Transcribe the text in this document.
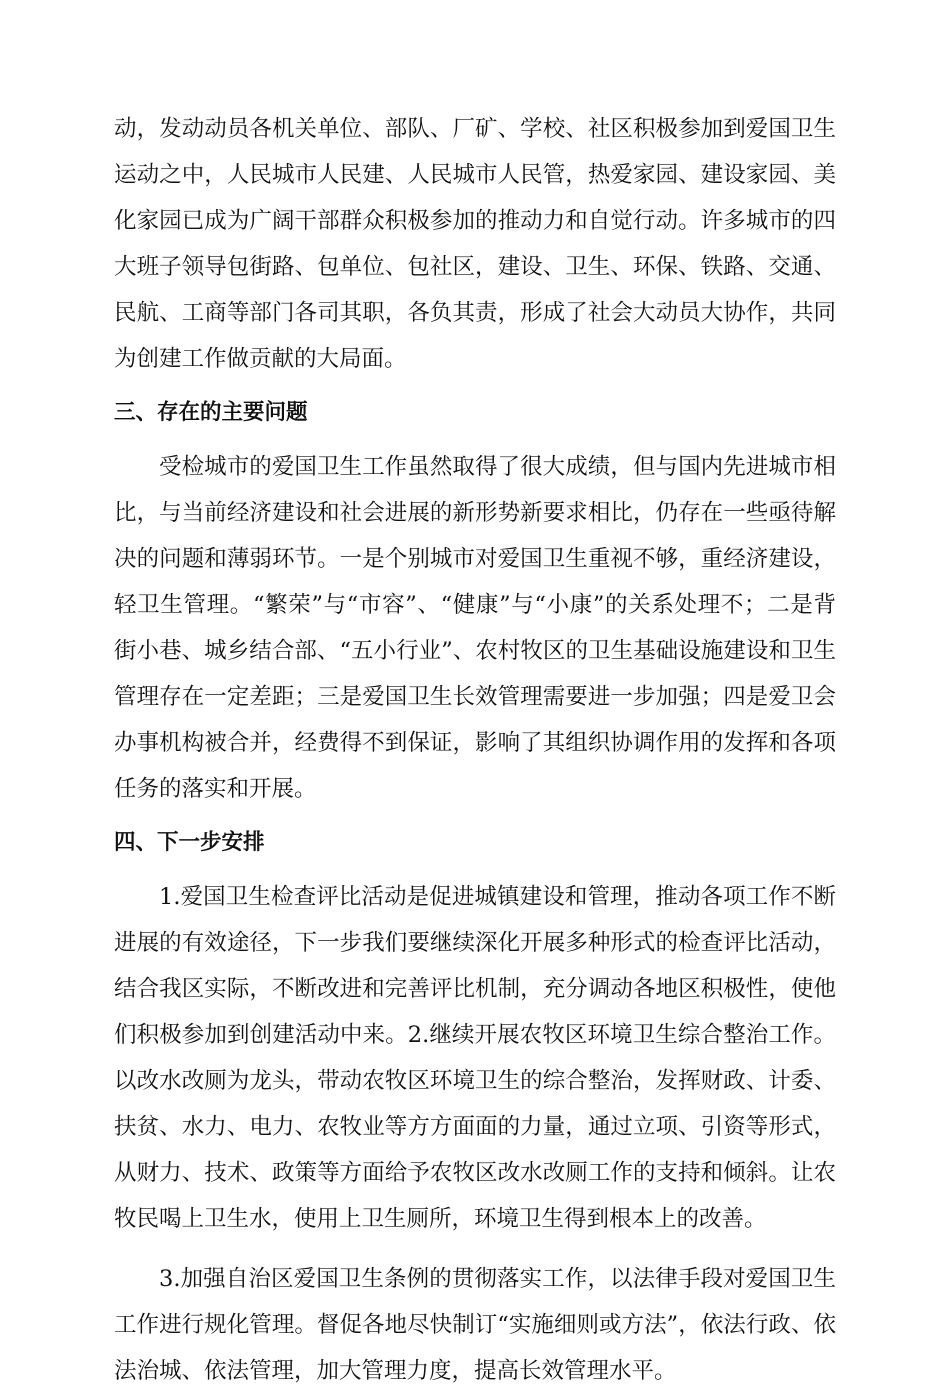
动，发动动员各机关单位、部队、厂矿、学校、社区积极参加到爱国卫生运动之中，人民城市人民建、人民城市人民管，热爱家园、建设家园、美化家园已成为广阔干部群众积极参加的推动力和自觉行动。许多城市的四大班子领导包街路、包单位、包社区，建设、卫生、环保、铁路、交通、民航、工商等部门各司其职，各负其责，形成了社会大动员大协作，共同为创建工作做贡献的大局面。

三、存在的主要问题

受检城市的爱国卫生工作虽然取得了很大成绩，但与国内先进城市相比，与当前经济建设和社会进展的新形势新要求相比，仍存在一些亟待解决的问题和薄弱环节。一是个别城市对爱国卫生重视不够，重经济建设，轻卫生管理。“繁荣”与“市容”、“健康”与“小康”的关系处理不；二是背街小巷、城乡结合部、“五小行业”、农村牧区的卫生基础设施建设和卫生管理存在一定差距；三是爱国卫生长效管理需要进一步加强；四是爱卫会办事机构被合并，经费得不到保证，影响了其组织协调作用的发挥和各项任务的落实和开展。

四、下一步安排

1.爱国卫生检查评比活动是促进城镇建设和管理，推动各项工作不断进展的有效途径，下一步我们要继续深化开展多种形式的检查评比活动，结合我区实际，不断改进和完善评比机制，充分调动各地区积极性，使他们积极参加到创建活动中来。2.继续开展农牧区环境卫生综合整治工作。以改水改厕为龙头，带动农牧区环境卫生的综合整治，发挥财政、计委、扶贫、水力、电力、农牧业等方方面面的力量，通过立项、引资等形式，从财力、技术、政策等方面给予农牧区改水改厕工作的支持和倾斜。让农牧民喝上卫生水，使用上卫生厕所，环境卫生得到根本上的改善。

3.加强自治区爱国卫生条例的贯彻落实工作，以法律手段对爱国卫生工作进行规化管理。督促各地尽快制订“实施细则或方法”，依法行政、依法治城、依法管理，加大管理力度，提高长效管理水平。
